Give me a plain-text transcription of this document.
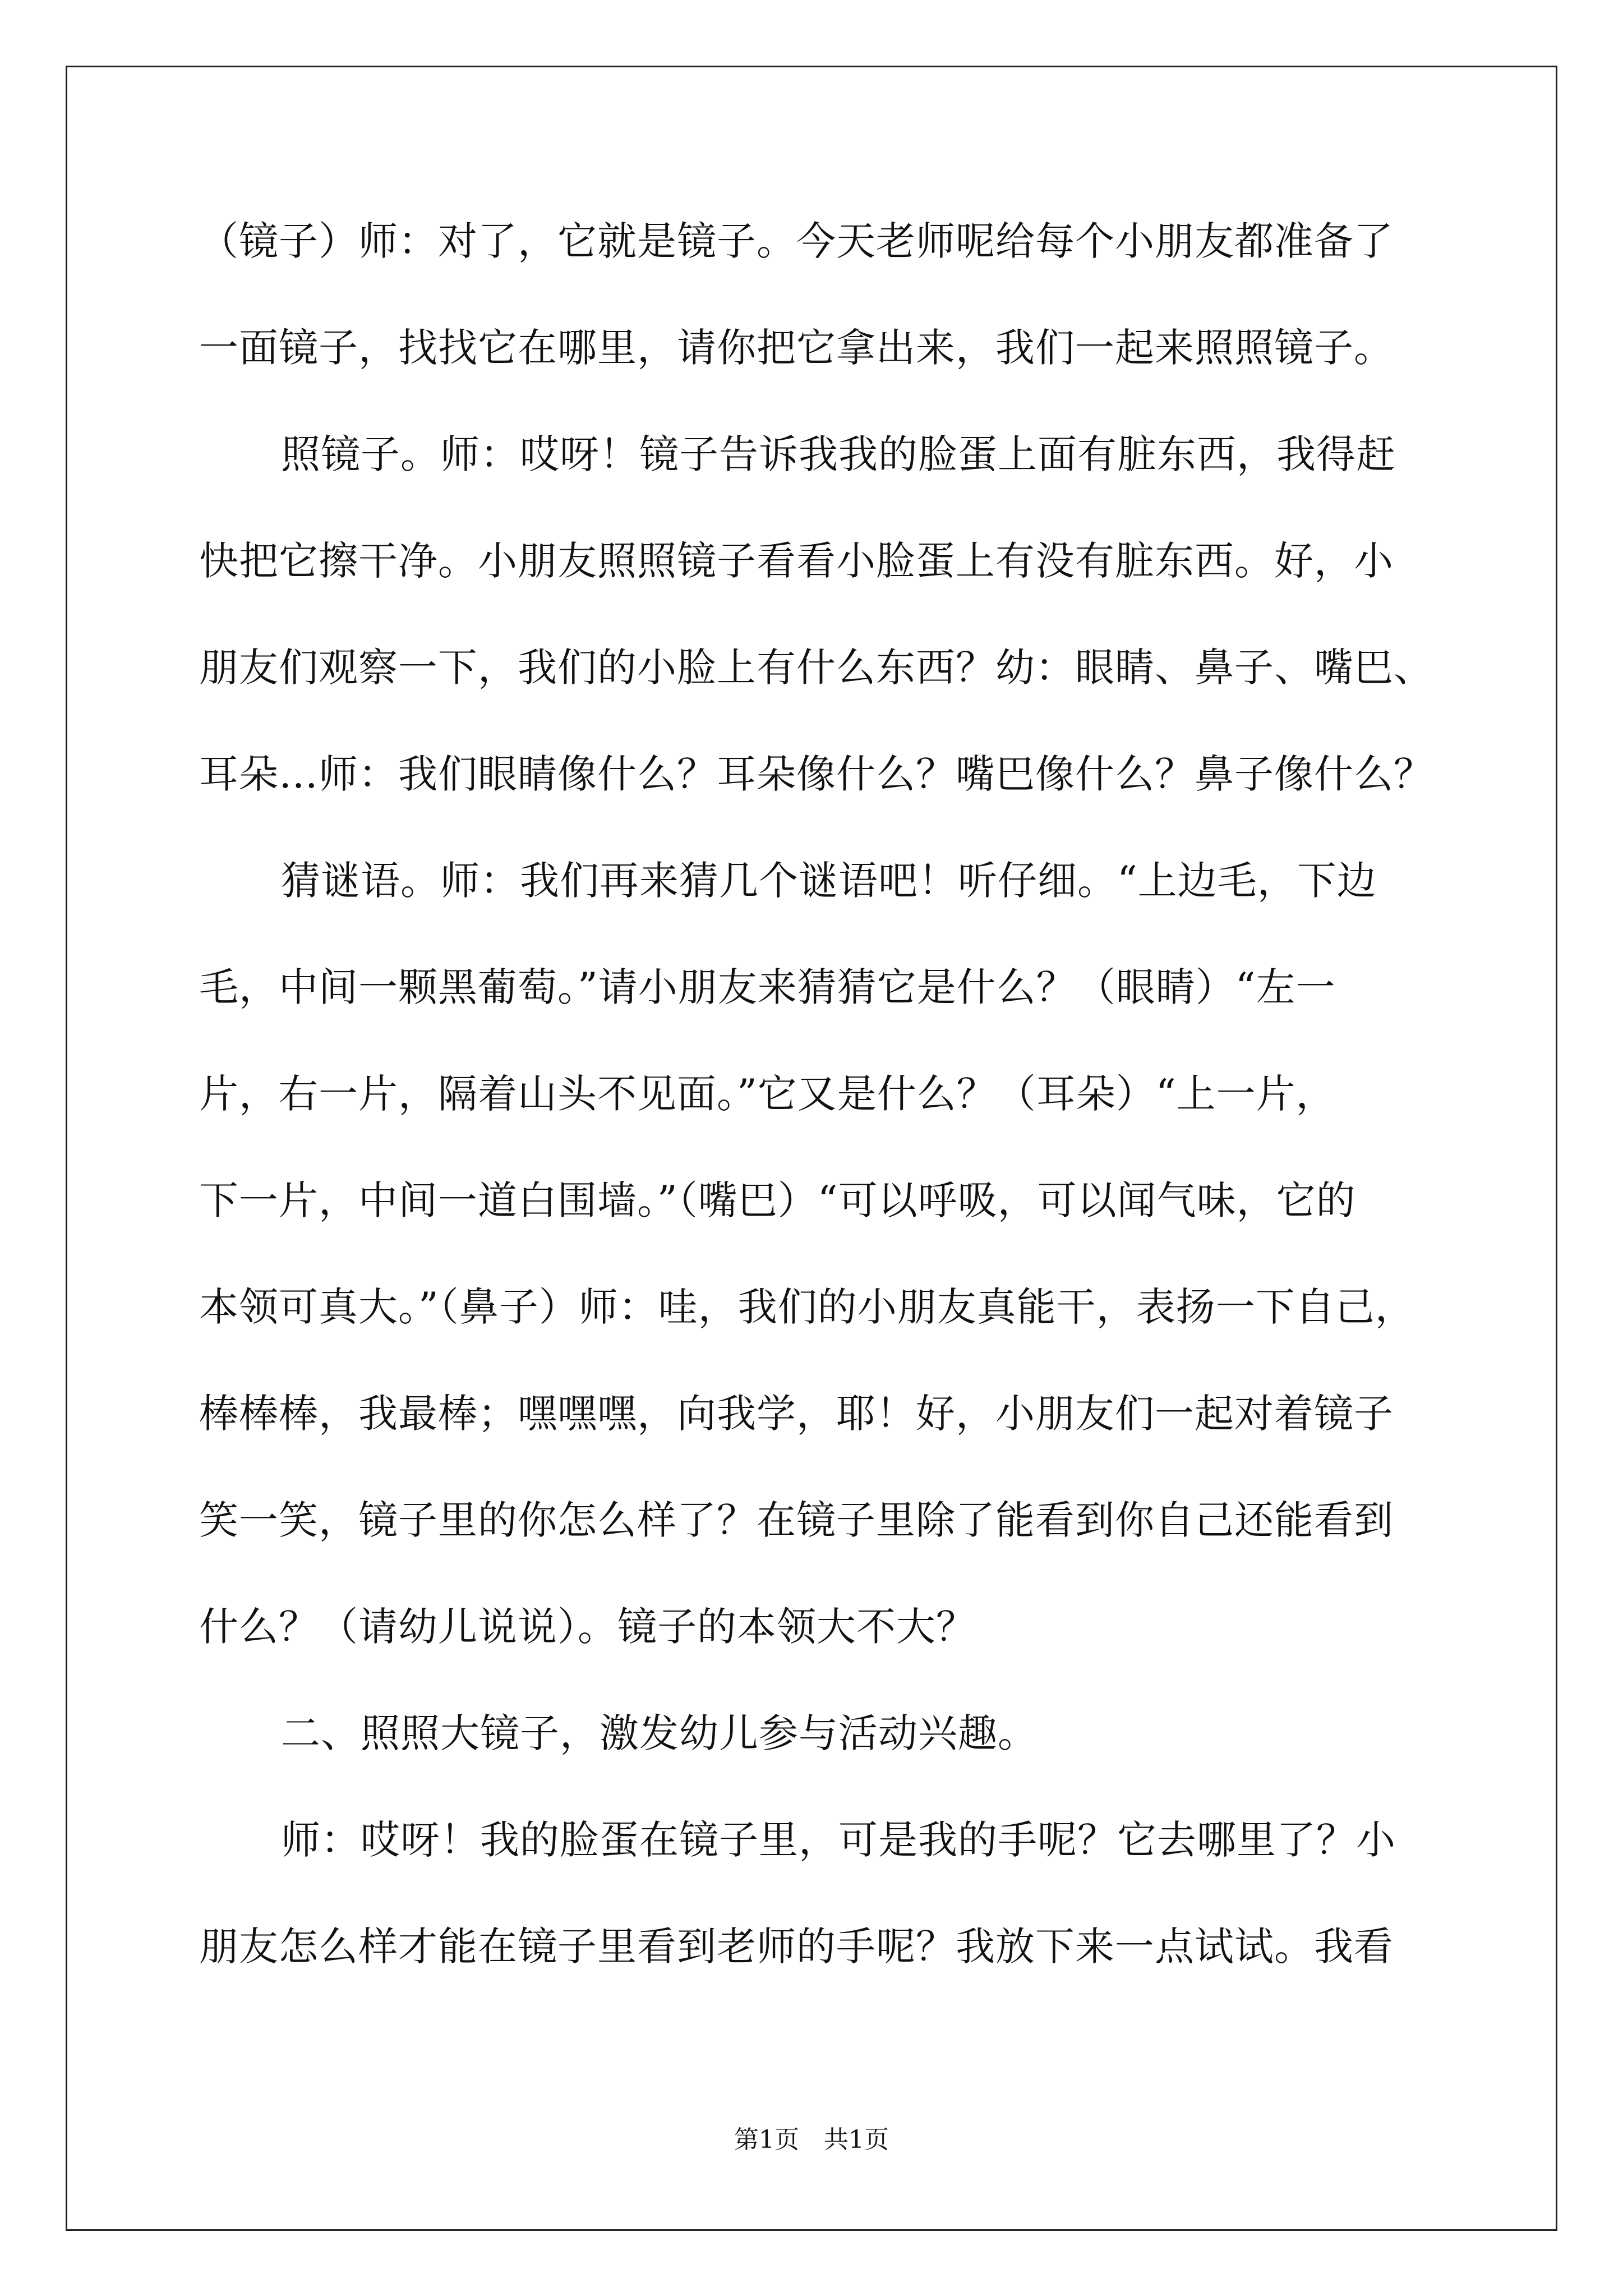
（镜子）师：对了，它就是镜子。今天老师呢给每个小朋友都准备了
一面镜子，找找它在哪里，请你把它拿出来，我们一起来照照镜子。
照镜子。师：哎呀！镜子告诉我我的脸蛋上面有脏东西，我得赶
快把它擦干净。小朋友照照镜子看看小脸蛋上有没有脏东西。好，小
朋友们观察一下，我们的小脸上有什么东西？幼：眼睛、鼻子、嘴巴、
耳朵…师：我们眼睛像什么？耳朵像什么？嘴巴像什么？鼻子像什么？
猜谜语。师：我们再来猜几个谜语吧！听仔细。“上边毛，下边
毛，中间一颗黑葡萄。”请小朋友来猜猜它是什么？（眼睛）“左一
片，右一片，隔着山头不见面。”它又是什么？（耳朵）“上一片，
下一片，中间一道白围墙。”（嘴巴）“可以呼吸，可以闻气味，它的
本领可真大。”（鼻子）师：哇，我们的小朋友真能干，表扬一下自己，
棒棒棒，我最棒；嘿嘿嘿，向我学，耶！好，小朋友们一起对着镜子
笑一笑，镜子里的你怎么样了？在镜子里除了能看到你自己还能看到
什么？（请幼儿说说）。镜子的本领大不大？
二、照照大镜子，激发幼儿参与活动兴趣。
师：哎呀！我的脸蛋在镜子里，可是我的手呢？它去哪里了？小
朋友怎么样才能在镜子里看到老师的手呢？我放下来一点试试。我看
第1页　共1页
